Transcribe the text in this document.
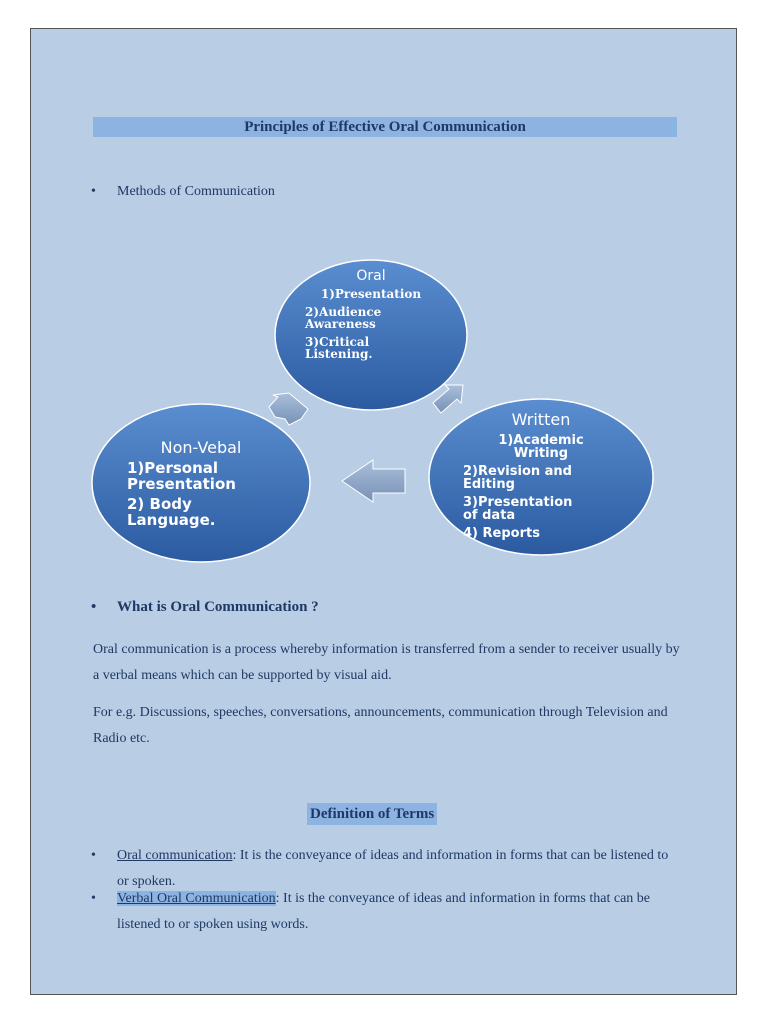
Principles of Effective Oral Communication
• Methods of Communication
Oral
1)Presentation
2)Audience
Awareness
3)Critical
Listening.
Written
1)Academic
Writing
2)Revision and
Editing
3)Presentation
of data
4) Reports
Non-Vebal
1)Personal
Presentation
2) Body
Language.
• What is Oral Communication ?
Oral communication is a process whereby information is transferred from a sender to receiver usually by a verbal means which can be supported by visual aid.
For e.g. Discussions, speeches, conversations, announcements, communication through Television and Radio etc.
Definition of Terms
•	Oral communication: It is the conveyance of ideas and information in forms that can be listened to or spoken.
•	Verbal Oral Communication: It is the conveyance of ideas and information in forms that can be listened to or spoken using words.
